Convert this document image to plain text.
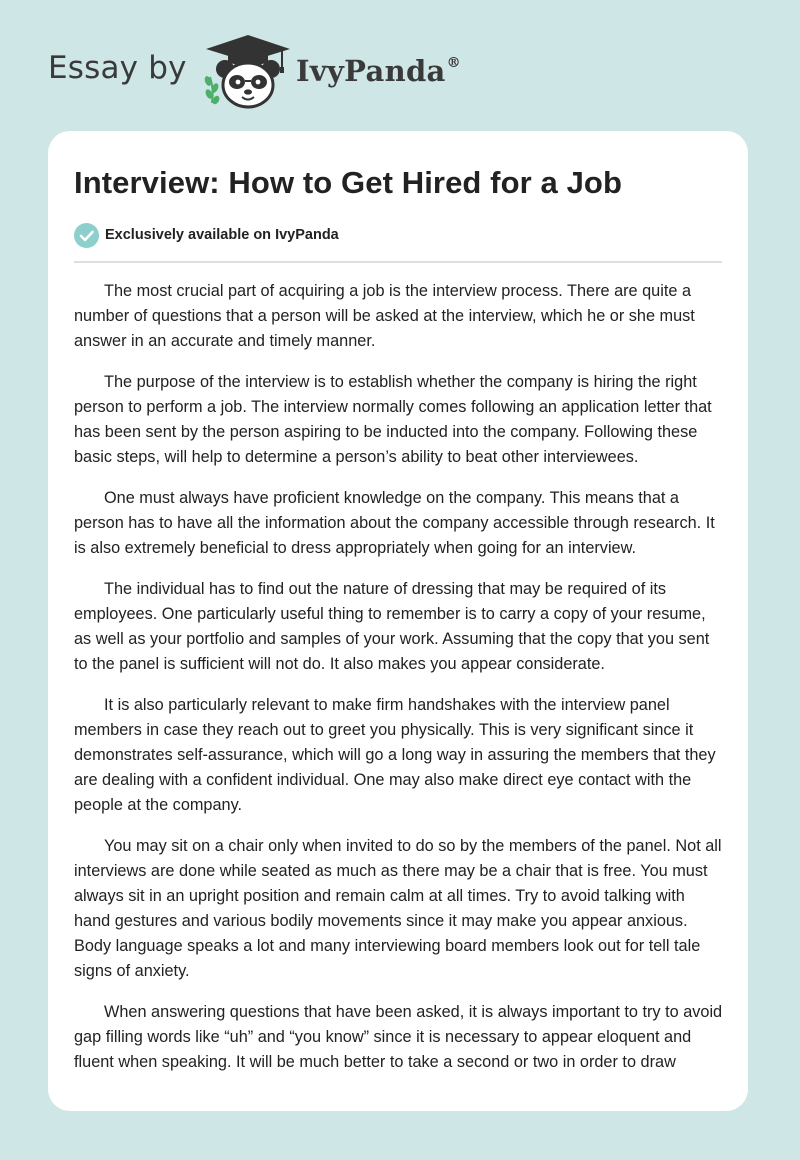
Essay by	IvyPanda®
Interview: How to Get Hired for a Job
Exclusively available on IvyPanda

The most crucial part of acquiring a job is the interview process. There are quite a number of questions that a person will be asked at the interview, which he or she must answer in an accurate and timely manner.

The purpose of the interview is to establish whether the company is hiring the right person to perform a job. The interview normally comes following an application letter that has been sent by the person aspiring to be inducted into the company. Following these basic steps, will help to determine a person’s ability to beat other interviewees.

One must always have proficient knowledge on the company. This means that a person has to have all the information about the company accessible through research. It is also extremely beneficial to dress appropriately when going for an interview.

The individual has to find out the nature of dressing that may be required of its employees. One particularly useful thing to remember is to carry a copy of your resume, as well as your portfolio and samples of your work. Assuming that the copy that you sent to the panel is sufficient will not do. It also makes you appear considerate.

It is also particularly relevant to make firm handshakes with the interview panel members in case they reach out to greet you physically. This is very significant since it demonstrates self-assurance, which will go a long way in assuring the members that they are dealing with a confident individual. One may also make direct eye contact with the people at the company.

You may sit on a chair only when invited to do so by the members of the panel. Not all interviews are done while seated as much as there may be a chair that is free. You must always sit in an upright position and remain calm at all times. Try to avoid talking with hand gestures and various bodily movements since it may make you appear anxious. Body language speaks a lot and many interviewing board members look out for tell tale signs of anxiety.

When answering questions that have been asked, it is always important to try to avoid gap filling words like “uh” and “you know” since it is necessary to appear eloquent and fluent when speaking. It will be much better to take a second or two in order to draw
